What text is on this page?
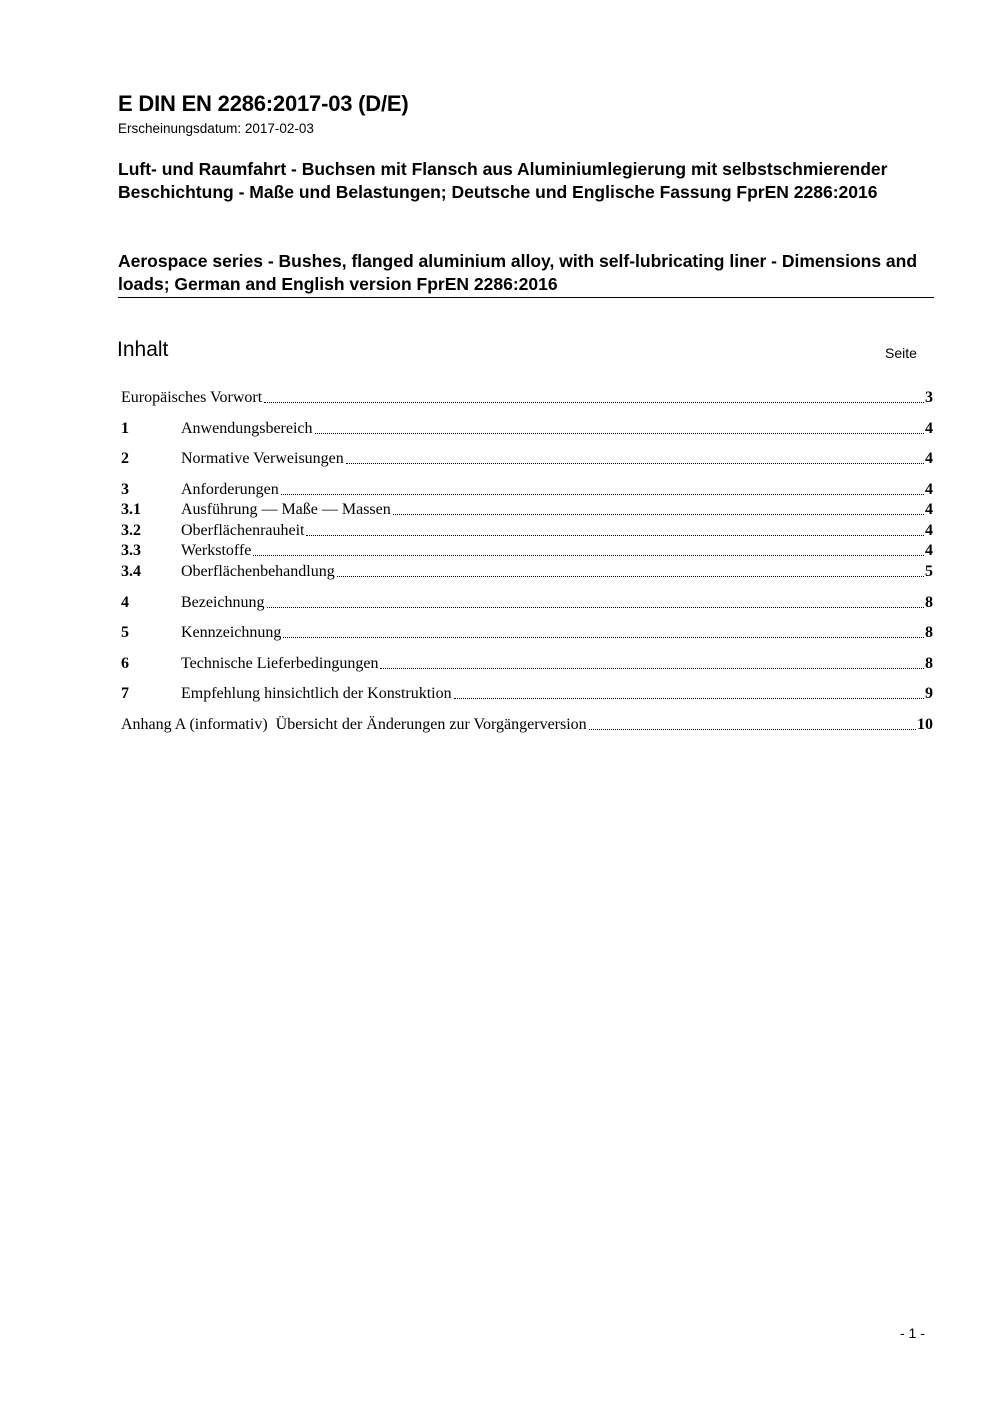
E DIN EN 2286:2017-03 (D/E)
Erscheinungsdatum: 2017-02-03
Luft- und Raumfahrt - Buchsen mit Flansch aus Aluminiumlegierung mit selbstschmierender Beschichtung - Maße und Belastungen; Deutsche und Englische Fassung FprEN 2286:2016
Aerospace series - Bushes, flanged aluminium alloy, with self-lubricating liner - Dimensions and loads; German and English version FprEN 2286:2016
Inhalt	Seite
Europäisches Vorwort	3
1	Anwendungsbereich	4
2	Normative Verweisungen	4
3	Anforderungen	4
3.1	Ausführung — Maße — Massen	4
3.2	Oberflächenrauheit	4
3.3	Werkstoffe	4
3.4	Oberflächenbehandlung	5
4	Bezeichnung	8
5	Kennzeichnung	8
6	Technische Lieferbedingungen	8
7	Empfehlung hinsichtlich der Konstruktion	9
Anhang A (informativ)  Übersicht der Änderungen zur Vorgängerversion	10
- 1 -
